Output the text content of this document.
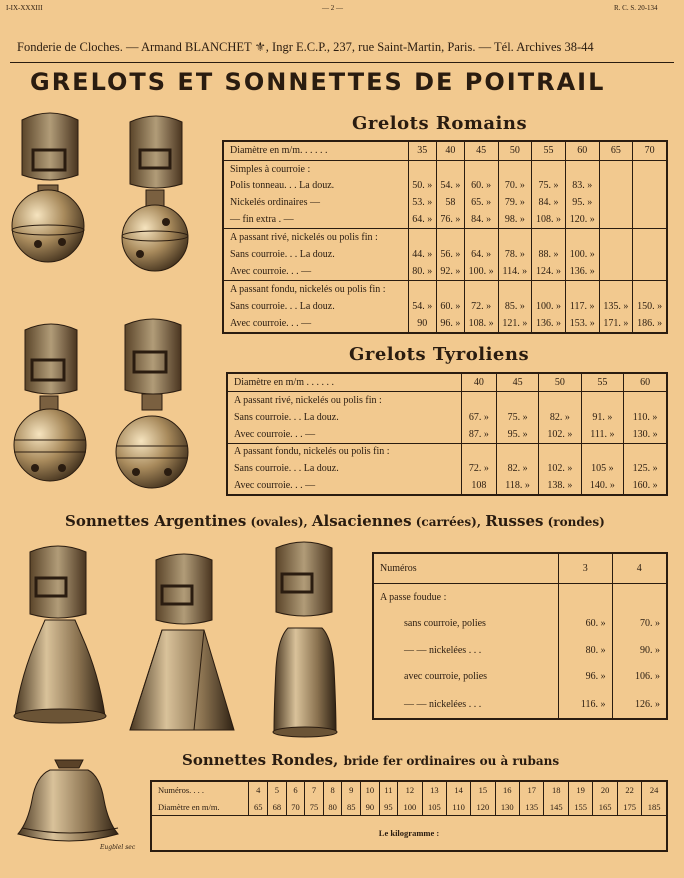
I-IX-XXXIII	— 2 —	R. C. S. 20-134
Fonderie de Cloches. — Armand BLANCHET ⚜, Ingr E.C.P., 237, rue Saint-Martin, Paris. — Tél. Archives 38-44
GRELOTS ET SONNETTES DE POITRAIL
Grelots Romains
Diamètre en m/m. . . . . .	35	40	45	50	55	60	65	70
Simples à courroie :								
Polis tonneau. . . La douz.	50. »	54. »	60. »	70. »	75. »	83. »		
Nickelés ordinaires —	53. »	58	65. »	79. »	84. »	95. »		
— fin extra . —	64. »	76. »	84. »	98. »	108. »	120. »		
A passant rivé, nickelés ou polis fin :								
Sans courroie. . . La douz.	44. »	56. »	64. »	78. »	88. »	100. »		
Avec courroie. . . —	80. »	92. »	100. »	114. »	124. »	136. »		
A passant fondu, nickelés ou polis fin :								
Sans courroie. . . La douz.	54. »	60. »	72. »	85. »	100. »	117. »	135. »	150. »
Avec courroie. . . —	90	96. »	108. »	121. »	136. »	153. »	171. »	186. »
Grelots Tyroliens
Diamètre en m/m . . . . . .	40	45	50	55	60
A passant rivé, nickelés ou polis fin :					
Sans courroie. . . La douz.	67. »	75. »	82. »	91. »	110. »
Avec courroie. . . —	87. »	95. »	102. »	111. »	130. »
A passant fondu, nickelés ou polis fin :					
Sans courroie. . . La douz.	72. »	82. »	102. »	105 »	125. »
Avec courroie. . . —	108	118. »	138. »	140. »	160. »
Sonnettes Argentines (ovales), Alsaciennes (carrées), Russes (rondes)
Numéros	3	4
A passe foudue :		
sans courroie, polies	60. »	70. »
— — nickelées . . .	80. »	90. »
avec courroie, polies	96. »	106. »
— — nickelées . . .	116. »	126. »
Sonnettes Rondes, bride fer ordinaires ou à rubans
Numéros. . . .	4	5	6	7	8	9	10	11	12	13	14	15	16	17	18	19	20	22	24
Diamètre en m/m.	65	68	70	75	80	85	90	95	100	105	110	120	130	135	145	155	165	175	185
Le kilogramme :																			
Eugblel sec
